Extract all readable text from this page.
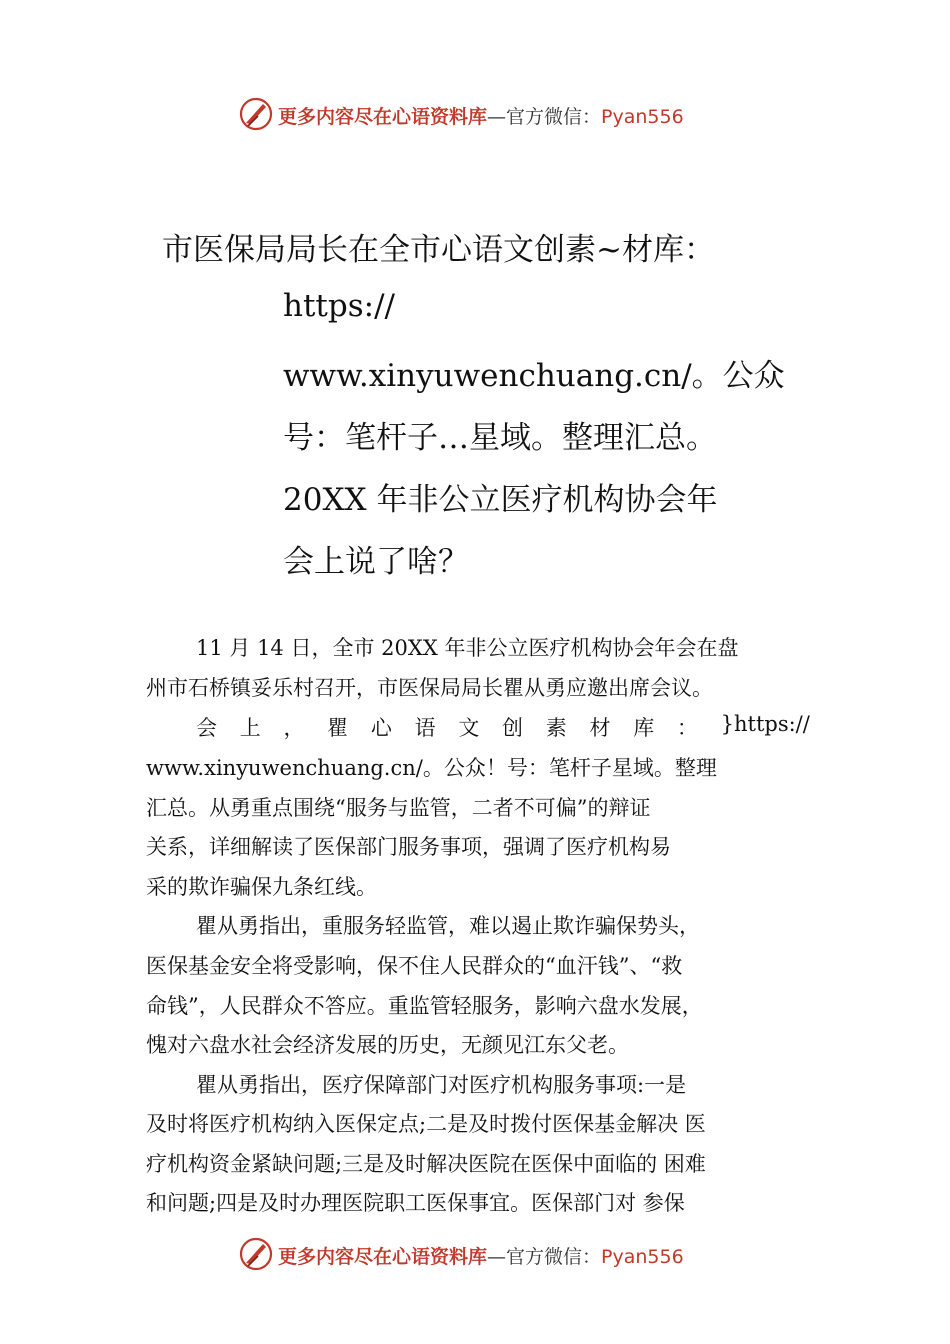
更多内容尽在心语资料库—官方微信：Pyan556
市医保局局长在全市心语文创素~材库：
https://
www.xinyuwenchuang.cn/。公众
号：笔杆子…星域。整理汇总。
20XX 年非公立医疗机构协会年
会上说了啥？
11 月 14 日，全市 20XX 年非公立医疗机构协会年会在盘
州市石桥镇妥乐村召开，市医保局局长瞿从勇应邀出席会议。
会 上 ， 瞿 心 语 文 创 素 材 库 ： }https://
www.xinyuwenchuang.cn/。公众！号：笔杆子星域。整理
汇总。从勇重点围绕“服务与监管，二者不可偏”的辩证
关系，详细解读了医保部门服务事项，强调了医疗机构易
采的欺诈骗保九条红线。
瞿从勇指出，重服务轻监管，难以遏止欺诈骗保势头，
医保基金安全将受影响，保不住人民群众的“血汗钱”、“救
命钱”，人民群众不答应。重监管轻服务，影响六盘水发展，
愧对六盘水社会经济发展的历史，无颜见江东父老。
瞿从勇指出，医疗保障部门对医疗机构服务事项:一是
及时将医疗机构纳入医保定点;二是及时拨付医保基金解决 医
疗机构资金紧缺问题;三是及时解决医院在医保中面临的 困难
和问题;四是及时办理医院职工医保事宜。医保部门对 参保
更多内容尽在心语资料库—官方微信：Pyan556
